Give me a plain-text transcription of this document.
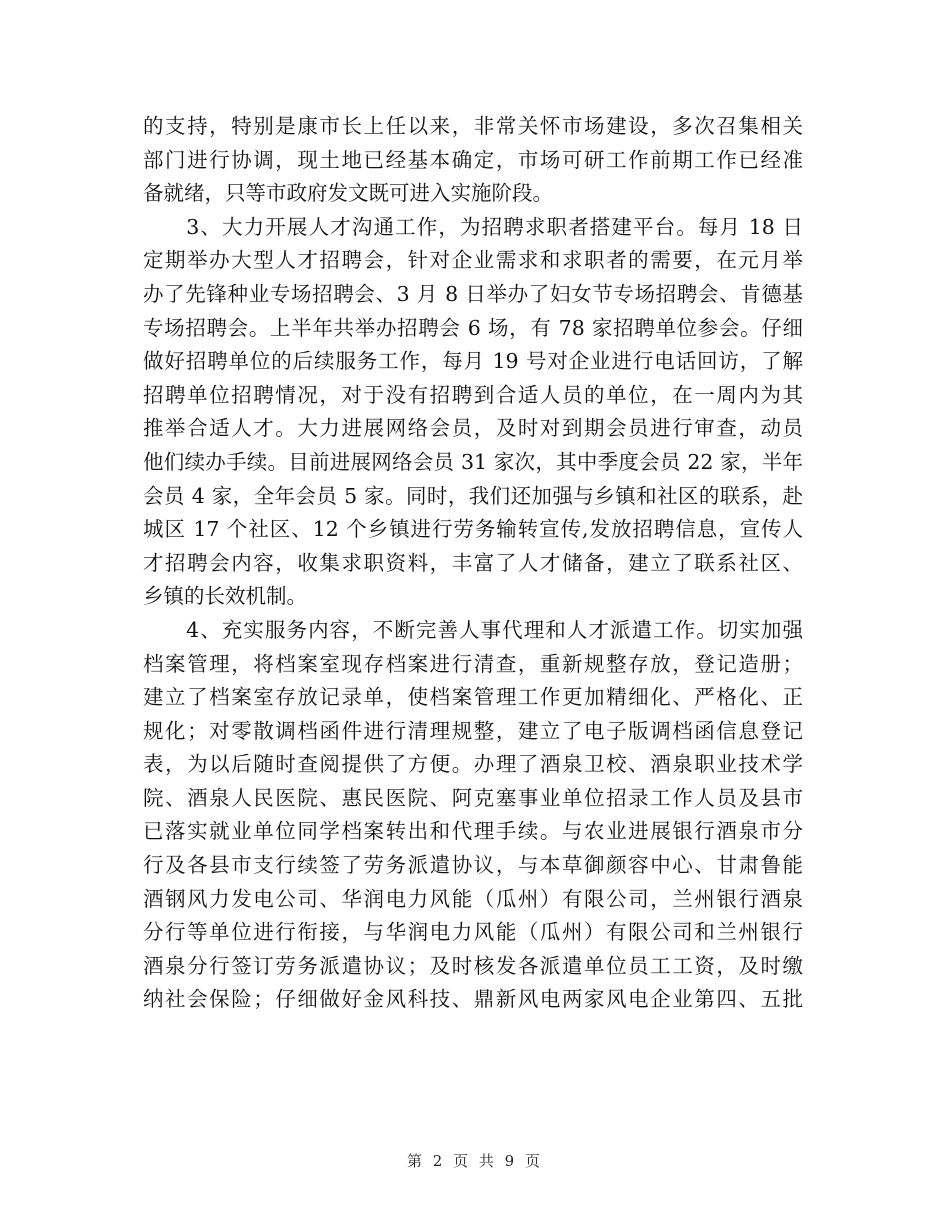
的支持，特别是康市长上任以来，非常关怀市场建设，多次召集相关
部门进行协调，现土地已经基本确定，市场可研工作前期工作已经准
备就绪，只等市政府发文既可进入实施阶段。
　　3、大力开展人才沟通工作，为招聘求职者搭建平台。每月 18 日
定期举办大型人才招聘会，针对企业需求和求职者的需要，在元月举
办了先锋种业专场招聘会、3 月 8 日举办了妇女节专场招聘会、肯德基
专场招聘会。上半年共举办招聘会 6 场，有 78 家招聘单位参会。仔细
做好招聘单位的后续服务工作，每月 19 号对企业进行电话回访，了解
招聘单位招聘情况，对于没有招聘到合适人员的单位，在一周内为其
推举合适人才。大力进展网络会员，及时对到期会员进行审查，动员
他们续办手续。目前进展网络会员 31 家次，其中季度会员 22 家，半年
会员 4 家，全年会员 5 家。同时，我们还加强与乡镇和社区的联系，赴
城区 17 个社区、12 个乡镇进行劳务输转宣传,发放招聘信息，宣传人
才招聘会内容，收集求职资料，丰富了人才储备，建立了联系社区、
乡镇的长效机制。
　　4、充实服务内容，不断完善人事代理和人才派遣工作。切实加强
档案管理，将档案室现存档案进行清查，重新规整存放，登记造册；
建立了档案室存放记录单，使档案管理工作更加精细化、严格化、正
规化；对零散调档函件进行清理规整，建立了电子版调档函信息登记
表，为以后随时查阅提供了方便。办理了酒泉卫校、酒泉职业技术学
院、酒泉人民医院、惠民医院、阿克塞事业单位招录工作人员及县市
已落实就业单位同学档案转出和代理手续。与农业进展银行酒泉市分
行及各县市支行续签了劳务派遣协议，与本草御颜容中心、甘肃鲁能
酒钢风力发电公司、华润电力风能（瓜州）有限公司，兰州银行酒泉
分行等单位进行衔接，与华润电力风能（瓜州）有限公司和兰州银行
酒泉分行签订劳务派遣协议；及时核发各派遣单位员工工资，及时缴
纳社会保险；仔细做好金风科技、鼎新风电两家风电企业第四、五批
第 2 页 共 9 页
